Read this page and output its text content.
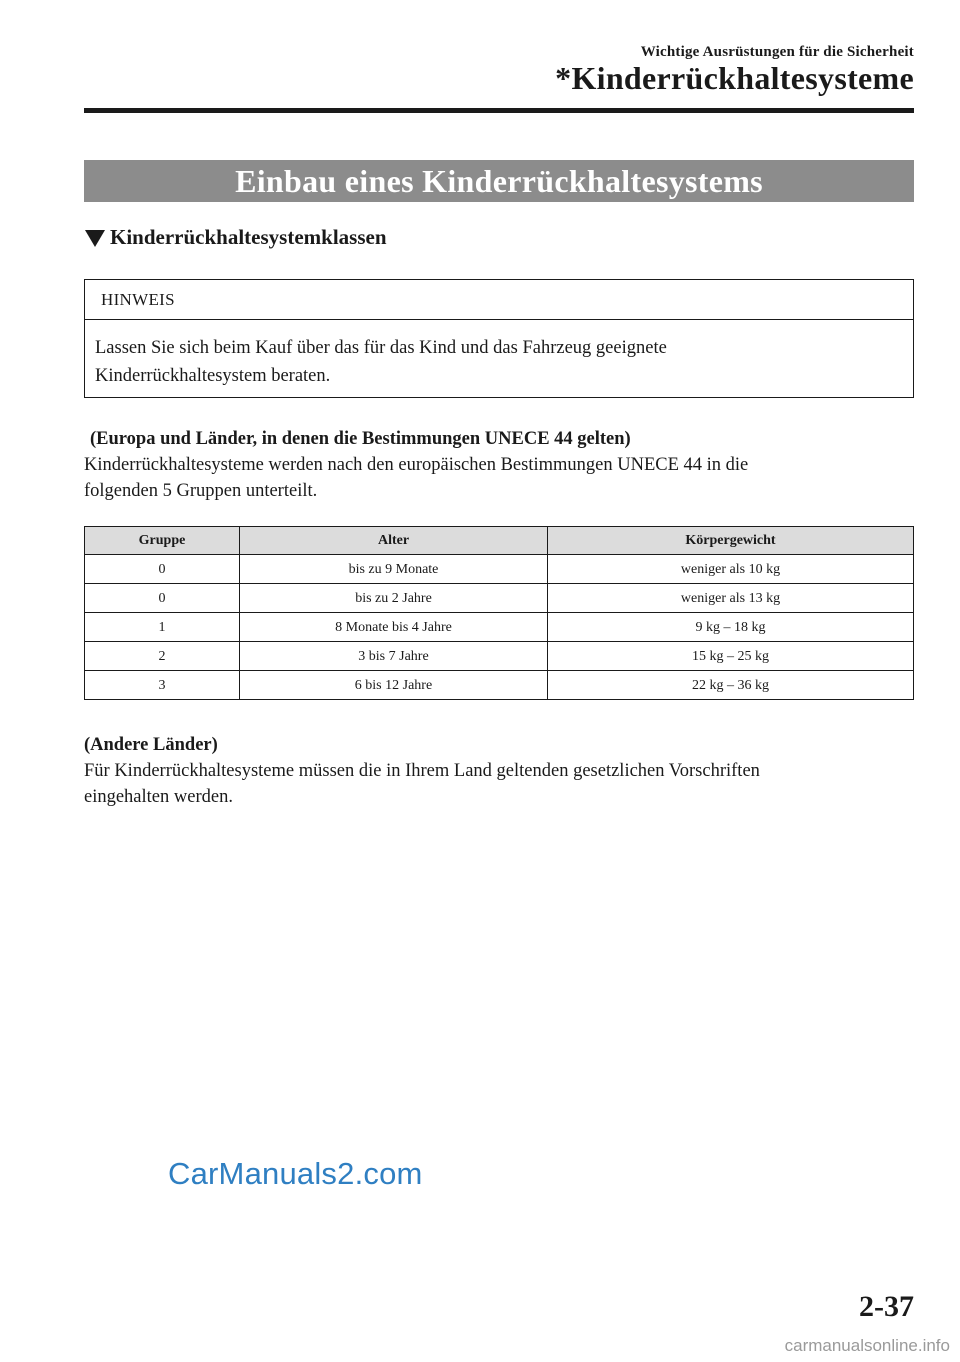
Wichtige Ausrüstungen für die Sicherheit
*Kinderrückhaltesysteme
Einbau eines Kinderrückhaltesystems
Kinderrückhaltesystemklassen
HINWEIS
Lassen Sie sich beim Kauf über das für das Kind und das Fahrzeug geeignete
Kinderrückhaltesystem beraten.
(Europa und Länder, in denen die Bestimmungen UNECE 44 gelten)
Kinderrückhaltesysteme werden nach den europäischen Bestimmungen UNECE 44 in die
folgenden 5 Gruppen unterteilt.
Gruppe	Alter	Körpergewicht
0	bis zu 9 Monate	weniger als 10 kg
0	bis zu 2 Jahre	weniger als 13 kg
1	8 Monate bis 4 Jahre	9 kg – 18 kg
2	3 bis 7 Jahre	15 kg – 25 kg
3	6 bis 12 Jahre	22 kg – 36 kg
(Andere Länder)
Für Kinderrückhaltesysteme müssen die in Ihrem Land geltenden gesetzlichen Vorschriften
eingehalten werden.
CarManuals2.com
2-37
carmanualsonline.info
